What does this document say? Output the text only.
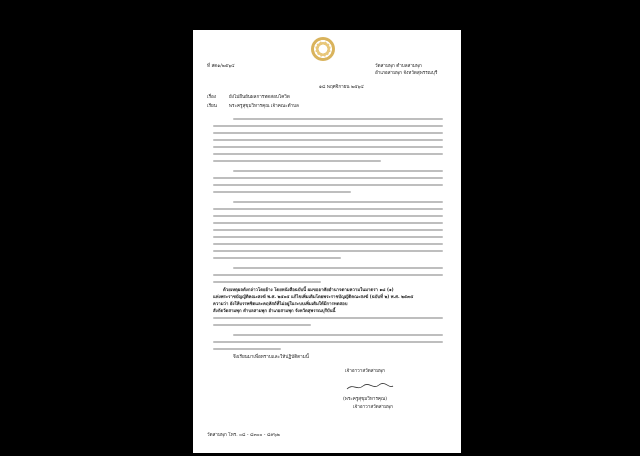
ที่ สด๑/๒๕๖๔	วัดสามพุก ตำบลสามพุก
อำเภอสามพุก จังหวัดสุพรรณบุรี
๑๘ พฤศจิกายน ๒๕๖๔
เรื่อง	ยังไม่ยืนยันผลการทดสอบโควิด
เรียน	พระครูสุขุมวิหารคุณ เจ้าคณะตำบล
ด้วยเหตุผลดังกล่าวโดยอ้าง โดยหนังสือฉบับนี้ ผมขออาศัยอำนาจตามความในมาตรา ๑๘ (๑)
แห่งพระราชบัญญัติคณะสงฆ์ พ.ศ. ๒๕๐๕ แก้ไขเพิ่มเติมโดยพระราชบัญญัติคณะสงฆ์ (ฉบับที่ ๒) พ.ศ. ๒๕๓๕
ความว่า ยังให้บรรพชิตและคฤหัสถ์ที่ไม่อยู่ในระบบเพิ่มเติมให้มีการทดสอบ
สังกัดวัดสามพุก ตำบลสามพุก อำเภอสามพุก จังหวัดสุพรรณบุรีบันนี้
จึงเรียนมาเพื่อทราบและให้ปฏิบัติตามนี้
เจ้าอาวาสวัดสามพุก
(พระครูสุขุมวิหารคุณ)
เจ้าอาวาสวัดสามพุก
วัดสามพุก โทร. ๐๘ - ๘๓๐๐ - ๘๙๖๒
